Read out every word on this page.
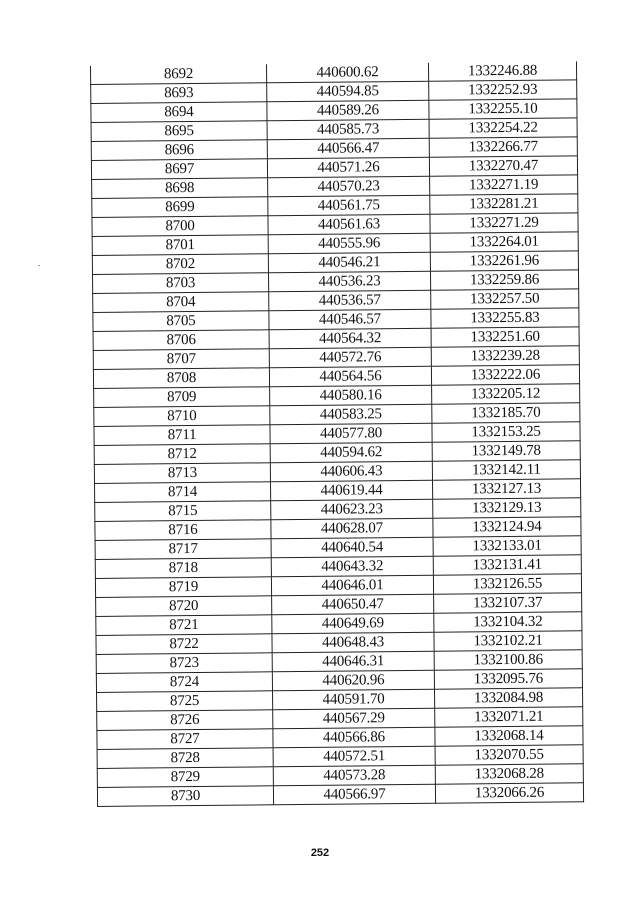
8692	440600.62	1332246.88
8693	440594.85	1332252.93
8694	440589.26	1332255.10
8695	440585.73	1332254.22
8696	440566.47	1332266.77
8697	440571.26	1332270.47
8698	440570.23	1332271.19
8699	440561.75	1332281.21
8700	440561.63	1332271.29
8701	440555.96	1332264.01
8702	440546.21	1332261.96
8703	440536.23	1332259.86
8704	440536.57	1332257.50
8705	440546.57	1332255.83
8706	440564.32	1332251.60
8707	440572.76	1332239.28
8708	440564.56	1332222.06
8709	440580.16	1332205.12
8710	440583.25	1332185.70
8711	440577.80	1332153.25
8712	440594.62	1332149.78
8713	440606.43	1332142.11
8714	440619.44	1332127.13
8715	440623.23	1332129.13
8716	440628.07	1332124.94
8717	440640.54	1332133.01
8718	440643.32	1332131.41
8719	440646.01	1332126.55
8720	440650.47	1332107.37
8721	440649.69	1332104.32
8722	440648.43	1332102.21
8723	440646.31	1332100.86
8724	440620.96	1332095.76
8725	440591.70	1332084.98
8726	440567.29	1332071.21
8727	440566.86	1332068.14
8728	440572.51	1332070.55
8729	440573.28	1332068.28
8730	440566.97	1332066.26
252
